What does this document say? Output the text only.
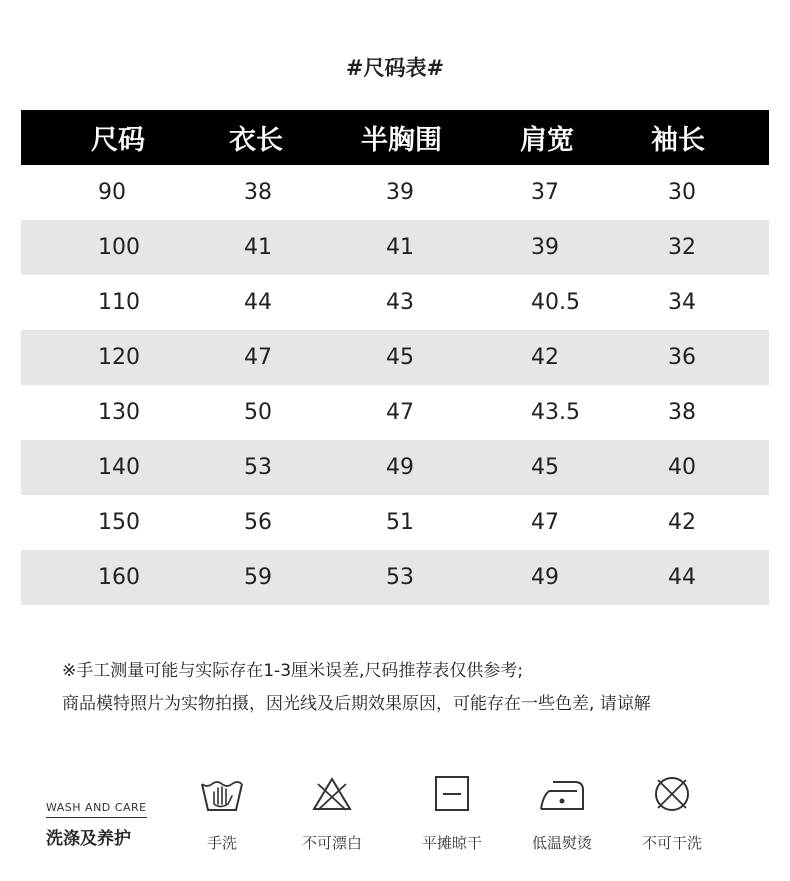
#尺码表#
尺码	衣长	半胸围	肩宽	袖长
90	38	39	37	30
100	41	41	39	32
110	44	43	40.5	34
120	47	45	42	36
130	50	47	43.5	38
140	53	49	45	40
150	56	51	47	42
160	59	53	49	44
※手工测量可能与实际存在1-3厘米误差,尺码推荐表仅供参考;
商品模特照片为实物拍摄，因光线及后期效果原因，可能存在一些色差, 请谅解
WASH AND CARE
洗涤及养护	手洗	不可漂白	平摊晾干	低温熨烫	不可干洗
